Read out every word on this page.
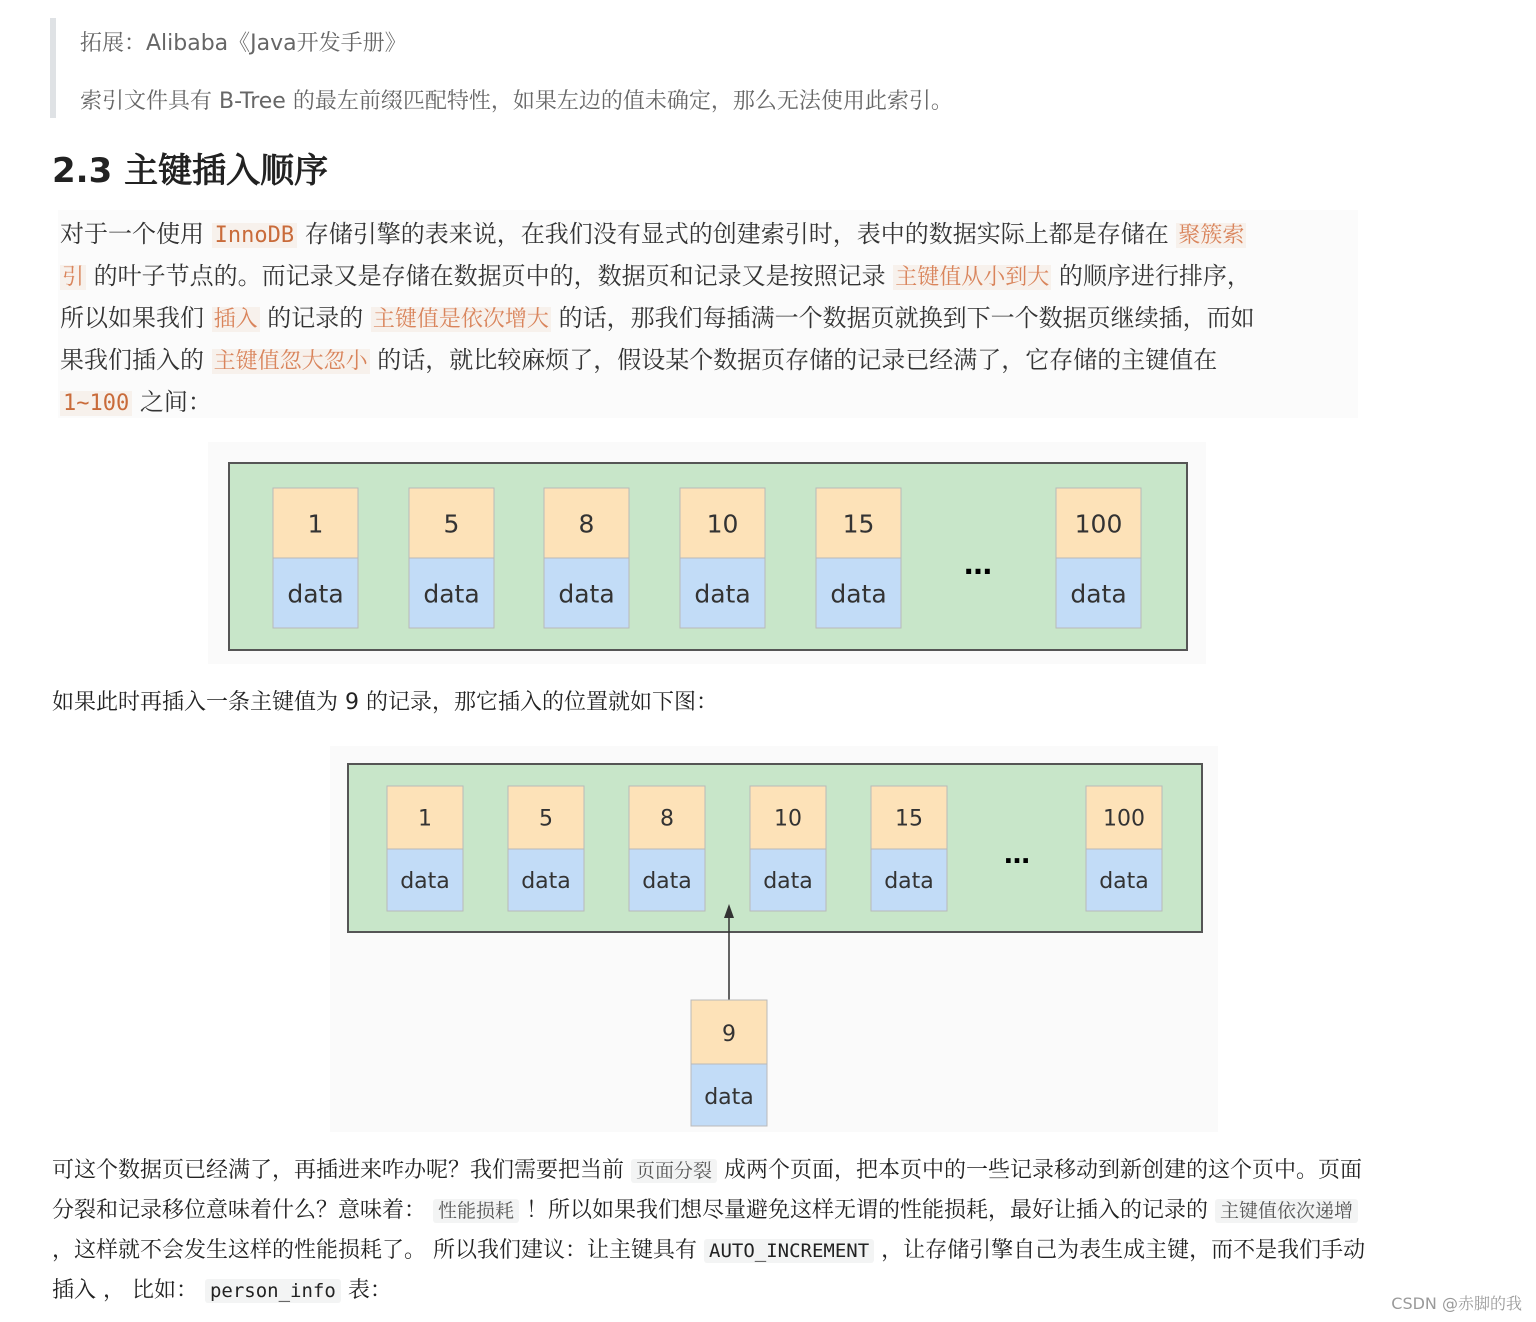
拓展：Alibaba《Java开发手册》

索引文件具有 B-Tree 的最左前缀匹配特性，如果左边的值未确定，那么无法使用此索引。

2.3 主键插入顺序
对于一个使用 InnoDB 存储引擎的表来说，在我们没有显式的创建索引时，表中的数据实际上都是存储在 聚簇索
引 的叶子节点的。而记录又是存储在数据页中的，数据页和记录又是按照记录 主键值从小到大 的顺序进行排序，
所以如果我们 插入 的记录的 主键值是依次增大 的话，那我们每插满一个数据页就换到下一个数据页继续插，而如
果我们插入的 主键值忽大忽小 的话，就比较麻烦了，假设某个数据页存储的记录已经满了，它存储的主键值在
1~100 之间：
…
1
data
5
data
8
data
10
data
15
data
100
data
如果此时再插入一条主键值为 9 的记录，那它插入的位置就如下图：
…
9
data
1
data
5
data
8
data
10
data
15
data
100
data
可这个数据页已经满了，再插进来咋办呢？我们需要把当前 页面分裂 成两个页面，把本页中的一些记录移动到新创建的这个页中。页面
分裂和记录移位意味着什么？意味着： 性能损耗 ！所以如果我们想尽量避免这样无谓的性能损耗，最好让插入的记录的 主键值依次递增
，这样就不会发生这样的性能损耗了。 所以我们建议：让主键具有 AUTO_INCREMENT ，让存储引擎自己为表生成主键，而不是我们手动
插入 ， 比如： person_info 表：
CSDN @赤脚的我
